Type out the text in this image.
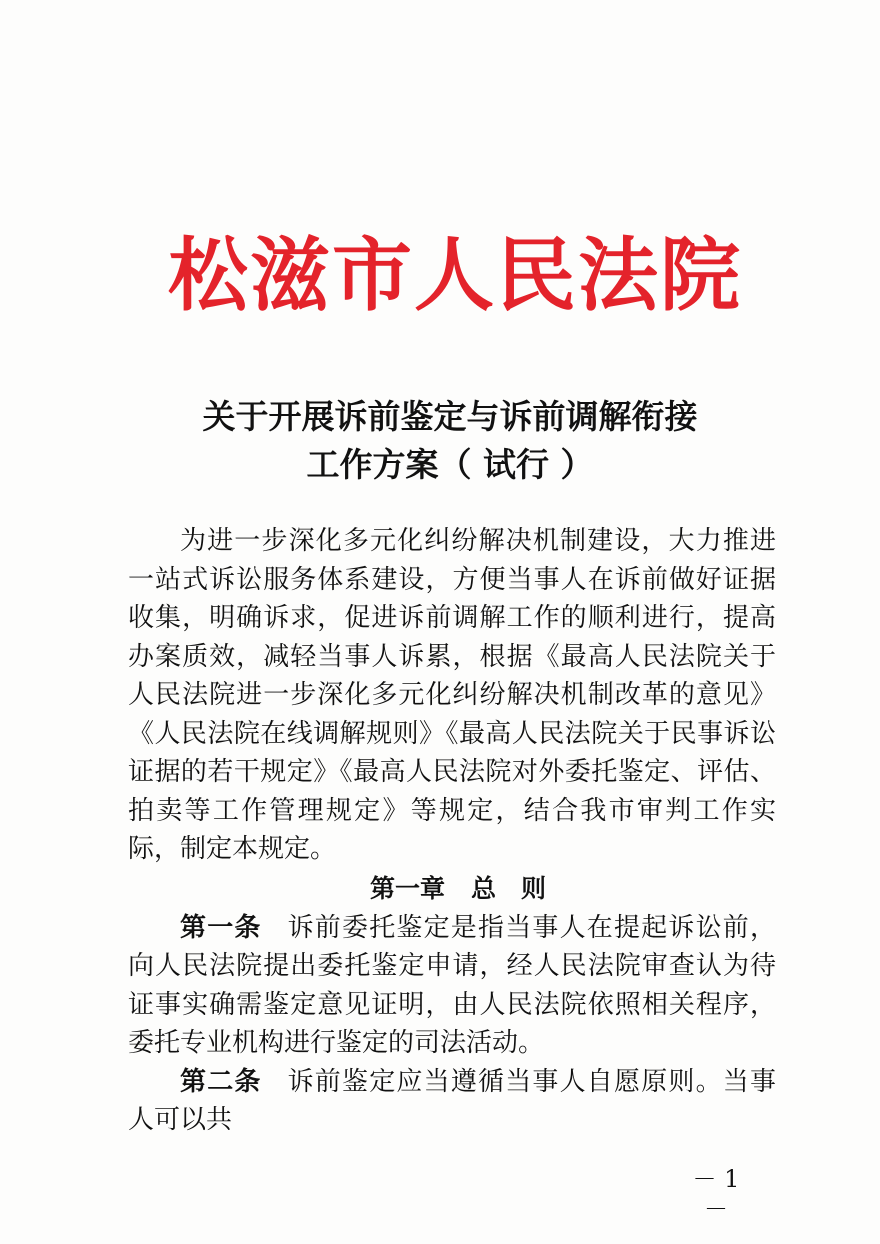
松滋市人民法院
关于开展诉前鉴定与诉前调解衔接
工作方案（ 试行 ）

为进一步深化多元化纠纷解决机制建设，大力推进一站式诉讼服务体系建设，方便当事人在诉前做好证据收集，明确诉求，促进诉前调解工作的顺利进行，提高办案质效，减轻当事人诉累，根据《最高人民法院关于人民法院进一步深化多元化纠纷解决机制改革的意见》《人民法院在线调解规则》《最高人民法院关于民事诉讼证据的若干规定》《最高人民法院对外委托鉴定、评估、拍卖等工作管理规定》等规定，结合我市审判工作实际，制定本规定。

第一章 总　则

第一条 诉前委托鉴定是指当事人在提起诉讼前，向人民法院提出委托鉴定申请，经人民法院审查认为待证事实确需鉴定意见证明，由人民法院依照相关程序，委托专业机构进行鉴定的司法活动。

第二条 诉前鉴定应当遵循当事人自愿原则。当事人可以共

－ 1 －
